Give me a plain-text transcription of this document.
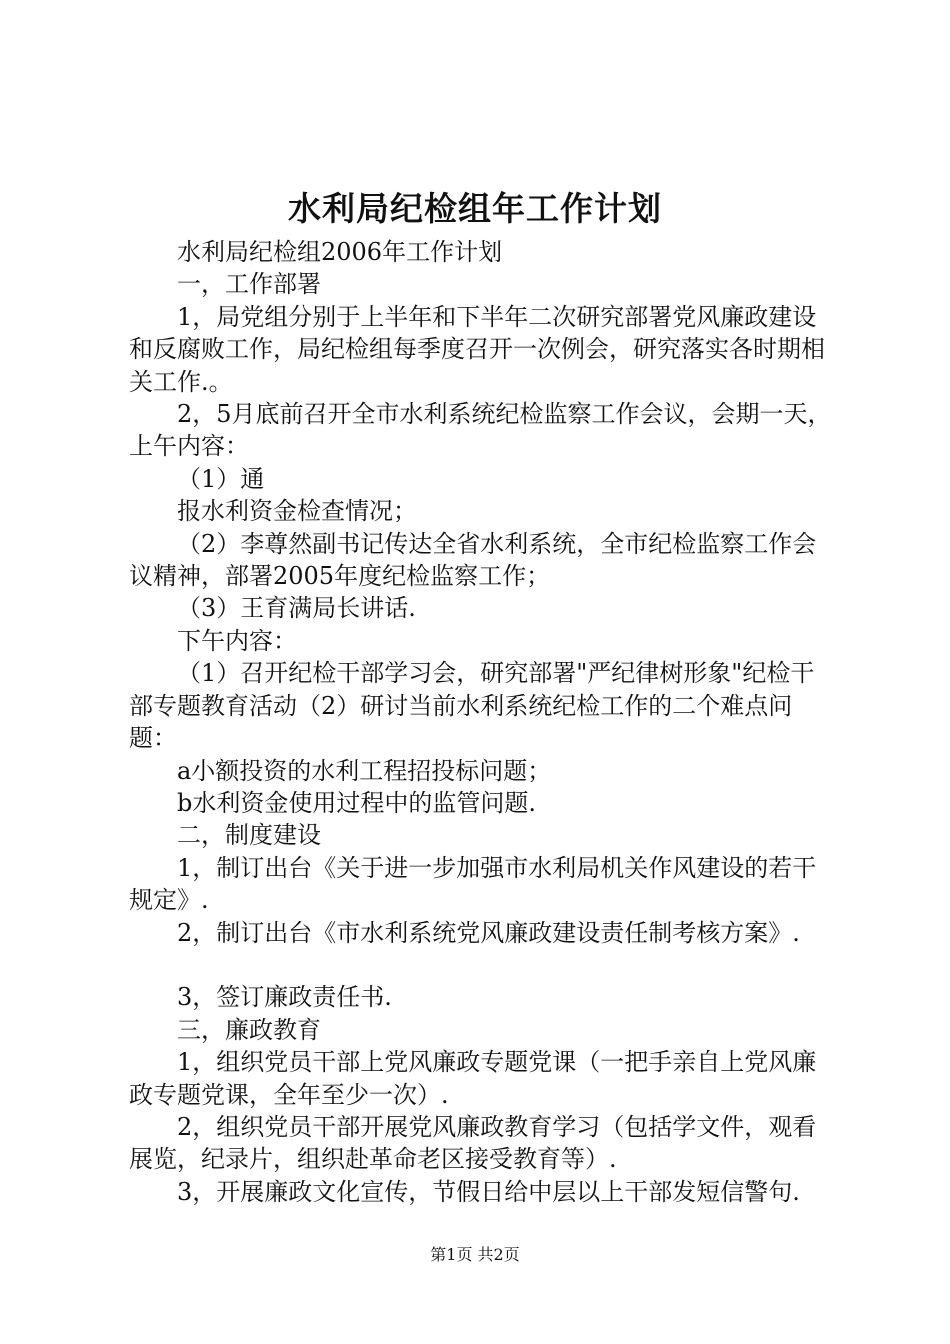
水利局纪检组年工作计划

水利局纪检组2006年工作计划

一，工作部署

1，局党组分别于上半年和下半年二次研究部署党风廉政建设和反腐败工作，局纪检组每季度召开一次例会，研究落实各时期相关工作.。

2，5月底前召开全市水利系统纪检监察工作会议，会期一天，上午内容：

（1）通

报水利资金检查情况；

（2）李尊然副书记传达全省水利系统，全市纪检监察工作会议精神，部署2005年度纪检监察工作；

（3）王育满局长讲话.

下午内容：

（1）召开纪检干部学习会，研究部署"严纪律树形象"纪检干部专题教育活动（2）研讨当前水利系统纪检工作的二个难点问题：

a小额投资的水利工程招投标问题；

b水利资金使用过程中的监管问题.

二，制度建设

1，制订出台《关于进一步加强市水利局机关作风建设的若干规定》.

2，制订出台《市水利系统党风廉政建设责任制考核方案》.

3，签订廉政责任书.

三，廉政教育

1，组织党员干部上党风廉政专题党课（一把手亲自上党风廉政专题党课，全年至少一次）.

2，组织党员干部开展党风廉政教育学习（包括学文件，观看展览，纪录片，组织赴革命老区接受教育等）.

3，开展廉政文化宣传，节假日给中层以上干部发短信警句.

第1页 共2页
